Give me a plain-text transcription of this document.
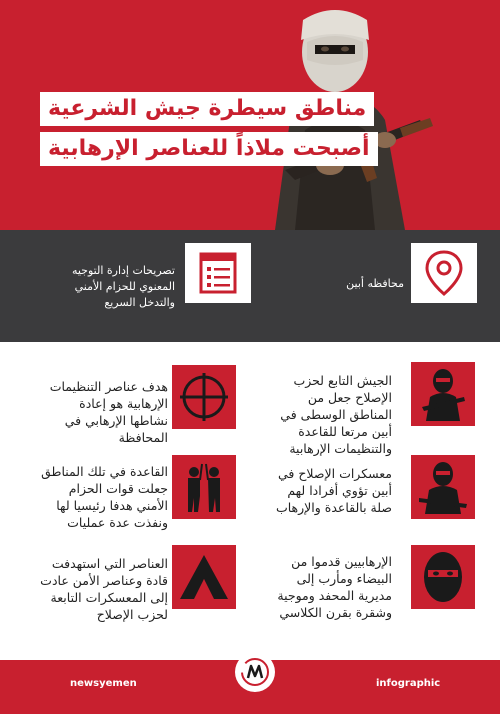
مناطق سيطرة جيش الشرعية
أصبحت ملاذاً للعناصر الإرهابية
محافظه أبين
تصريحات إدارة التوجيه المعنوي للحزام الأمني والتدخل السريع
الجيش التابع لحزب الإصلاح جعل من المناطق الوسطى في أبين مرتعا للقاعدة والتنظيمات الإرهابية
هدف عناصر التنظيمات الإرهابية هو إعادة نشاطها الإرهابي في المحافظة
معسكرات الإصلاح في أبين تؤوي أفرادا لهم صلة بالقاعدة والإرهاب
القاعدة في تلك المناطق جعلت قوات الحزام الأمني هدفا رئيسيا لها ونفذت عدة عمليات
الإرهابيين قدموا من البيضاء ومأرب إلى مديرية المحفد وموجية وشقرة بقرن الكلاسي
العناصر التي استهدفت قادة وعناصر الأمن عادت إلى المعسكرات التابعة لحزب الإصلاح
newsyemen	infographic
